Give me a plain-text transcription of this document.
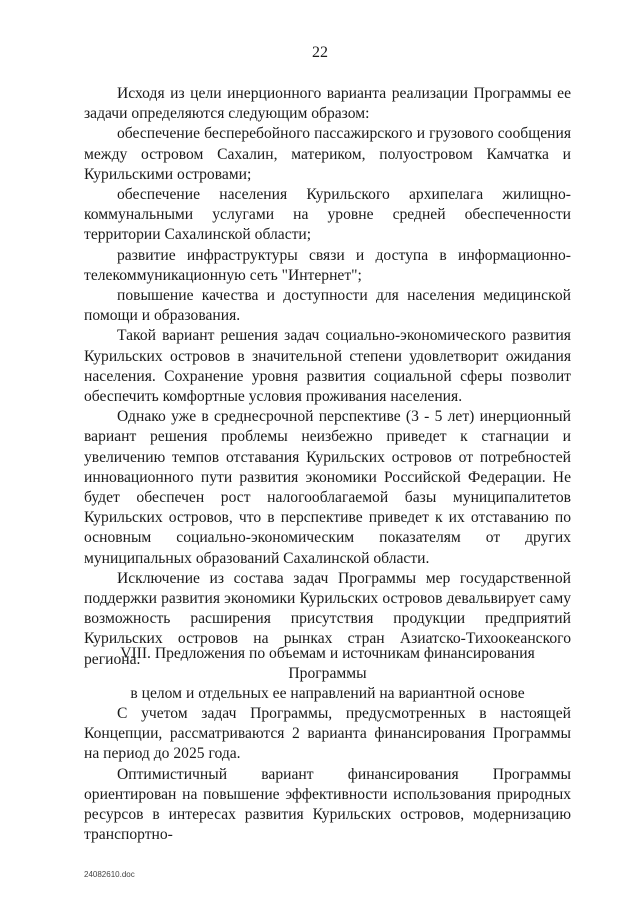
22

Исходя из цели инерционного варианта реализации Программы ее задачи определяются следующим образом:

обеспечение бесперебойного пассажирского и грузового сообщения между островом Сахалин, материком, полуостровом Камчатка и Курильскими островами;

обеспечение населения Курильского архипелага жилищно-коммунальными услугами на уровне средней обеспеченности территории Сахалинской области;

развитие инфраструктуры связи и доступа в информационно-телекоммуникационную сеть "Интернет";

повышение качества и доступности для населения медицинской помощи и образования.

Такой вариант решения задач социально-экономического развития Курильских островов в значительной степени удовлетворит ожидания населения. Сохранение уровня развития социальной сферы позволит обеспечить комфортные условия проживания населения.

Однако уже в среднесрочной перспективе (3 - 5 лет) инерционный вариант решения проблемы неизбежно приведет к стагнации и увеличению темпов отставания Курильских островов от потребностей инновационного пути развития экономики Российской Федерации. Не будет обеспечен рост налогооблагаемой базы муниципалитетов Курильских островов, что в перспективе приведет к их отставанию по основным социально-экономическим показателям от других муниципальных образований Сахалинской области.

Исключение из состава задач Программы мер государственной поддержки развития экономики Курильских островов девальвирует саму возможность расширения присутствия продукции предприятий Курильских островов на рынках стран Азиатско-Тихоокеанского региона.

VIII. Предложения по объемам и источникам финансирования Программы

в целом и отдельных ее направлений на вариантной основе

С учетом задач Программы, предусмотренных в настоящей Концепции, рассматриваются 2 варианта финансирования Программы на период до 2025 года.

Оптимистичный вариант финансирования Программы ориентирован на повышение эффективности использования природных ресурсов в интересах развития Курильских островов, модернизацию транспортно-

24082610.doc
